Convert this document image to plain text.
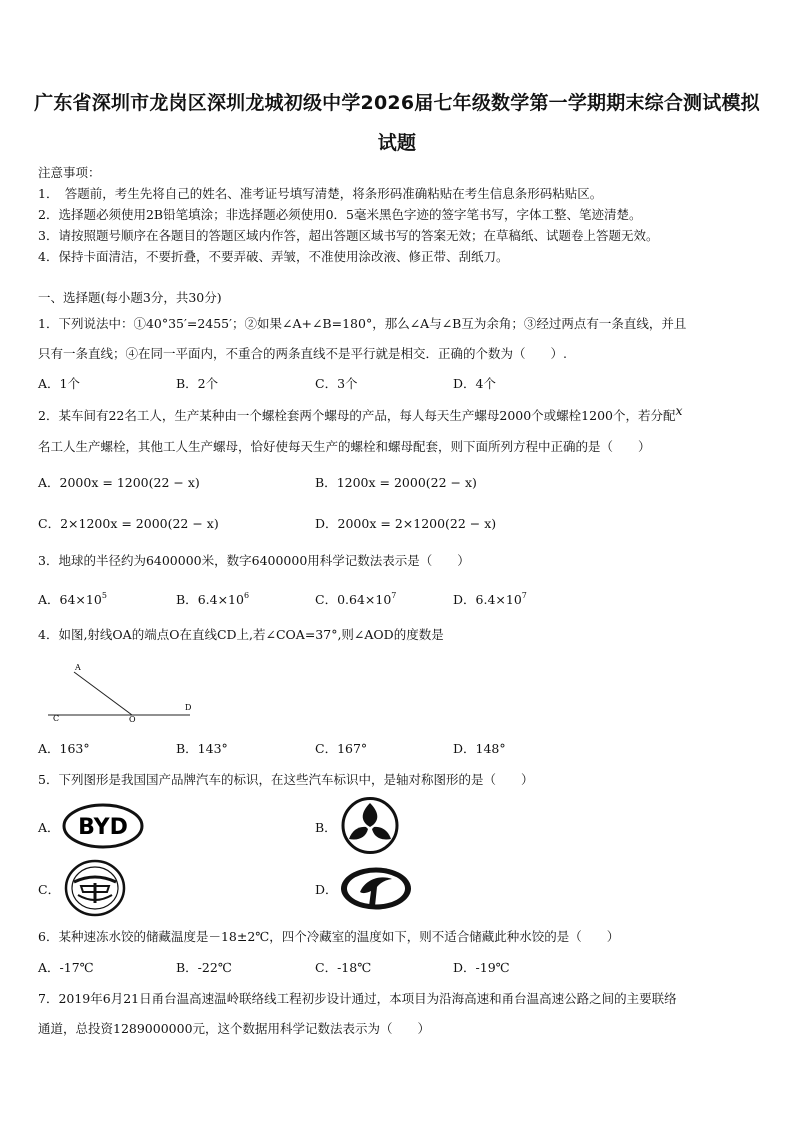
广东省深圳市龙岗区深圳龙城初级中学2026届七年级数学第一学期期末综合测试模拟
试题
注意事项：
1．　答题前，考生先将自己的姓名、准考证号填写清楚，将条形码准确粘贴在考生信息条形码粘贴区。
2．选择题必须使用2B铅笔填涂；非选择题必须使用0．5毫米黑色字迹的签字笔书写，字体工整、笔迹清楚。
3．请按照题号顺序在各题目的答题区域内作答，超出答题区域书写的答案无效；在草稿纸、试题卷上答题无效。
4．保持卡面清洁，不要折叠，不要弄破、弄皱，不准使用涂改液、修正带、刮纸刀。
一、选择题(每小题3分，共30分)
1．下列说法中：①40°35′=2455′；②如果∠A+∠B=180°，那么∠A与∠B互为余角；③经过两点有一条直线，并且
只有一条直线；④在同一平面内，不重合的两条直线不是平行就是相交．正确的个数为（　　）.
A．1个	B．2个	C．3个	D．4个
2．某车间有22名工人，生产某种由一个螺栓套两个螺母的产品，每人每天生产螺母2000个或螺栓1200个，若分配x
名工人生产螺栓，其他工人生产螺母，恰好使每天生产的螺栓和螺母配套，则下面所列方程中正确的是（　　）
A．2000x = 1200(22 − x)	B．1200x = 2000(22 − x)
C．2×1200x = 2000(22 − x)	D．2000x = 2×1200(22 − x)
3．地球的半径约为6400000米，数字6400000用科学记数法表示是（　　）
A．$64\times 10^5$	B．$6.4\times 10^6$	C．$0.64\times 10^7$	D．$6.4\times 10^7$
4．如图,射线OA的端点O在直线CD上,若∠COA=37°,则∠AOD的度数是
A
C	O
D
A．163°	B．143°	C．167°	D．148°
5．下列图形是我国国产品牌汽车的标识，在这些汽车标识中，是轴对称图形的是（　　）
A． BYD	B．
C．	D．
6．某种速冻水饺的储藏温度是－18±2℃，四个冷藏室的温度如下，则不适合储藏此种水饺的是（　　）
A．-17℃	B．-22℃	C．-18℃	D．-19℃
7．2019年6月21日甬台温高速温岭联络线工程初步设计通过，本项目为沿海高速和甬台温高速公路之间的主要联络
通道，总投资1289000000元，这个数据用科学记数法表示为（　　）
